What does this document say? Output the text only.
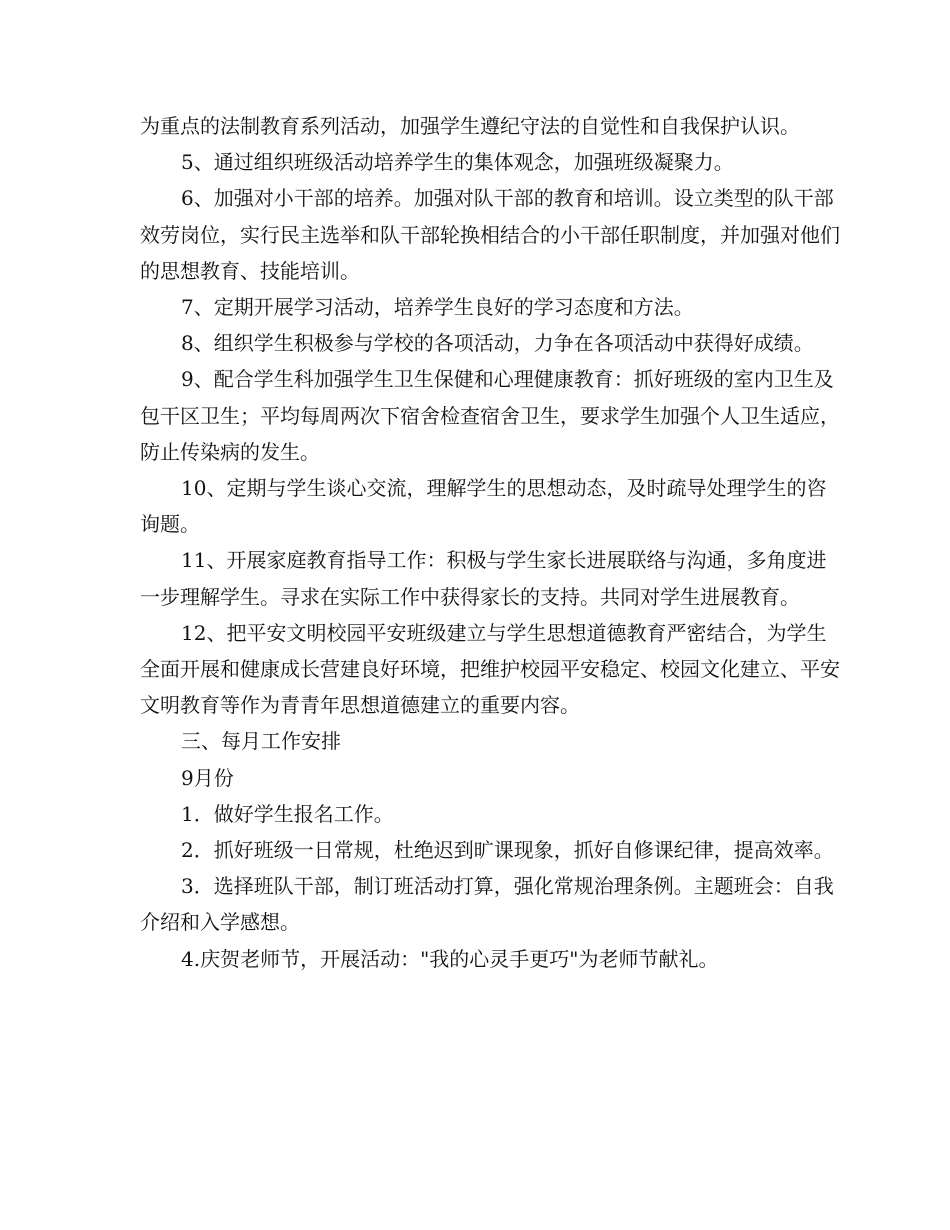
为重点的法制教育系列活动，加强学生遵纪守法的自觉性和自我保护认识。

5、通过组织班级活动培养学生的集体观念，加强班级凝聚力。

6、加强对小干部的培养。加强对队干部的教育和培训。设立类型的队干部效劳岗位，实行民主选举和队干部轮换相结合的小干部任职制度，并加强对他们的思想教育、技能培训。

7、定期开展学习活动，培养学生良好的学习态度和方法。

8、组织学生积极参与学校的各项活动，力争在各项活动中获得好成绩。

9、配合学生科加强学生卫生保健和心理健康教育：抓好班级的室内卫生及包干区卫生；平均每周两次下宿舍检查宿舍卫生，要求学生加强个人卫生适应，防止传染病的发生。

10、定期与学生谈心交流，理解学生的思想动态，及时疏导处理学生的咨询题。

11、开展家庭教育指导工作：积极与学生家长进展联络与沟通，多角度进一步理解学生。寻求在实际工作中获得家长的支持。共同对学生进展教育。

12、把平安文明校园平安班级建立与学生思想道德教育严密结合，为学生全面开展和健康成长营建良好环境，把维护校园平安稳定、校园文化建立、平安文明教育等作为青青年思想道德建立的重要内容。

三、每月工作安排

9月份

1．做好学生报名工作。

2．抓好班级一日常规，杜绝迟到旷课现象，抓好自修课纪律，提高效率。

3．选择班队干部，制订班活动打算，强化常规治理条例。主题班会：自我介绍和入学感想。

4.庆贺老师节，开展活动："我的心灵手更巧"为老师节献礼。
